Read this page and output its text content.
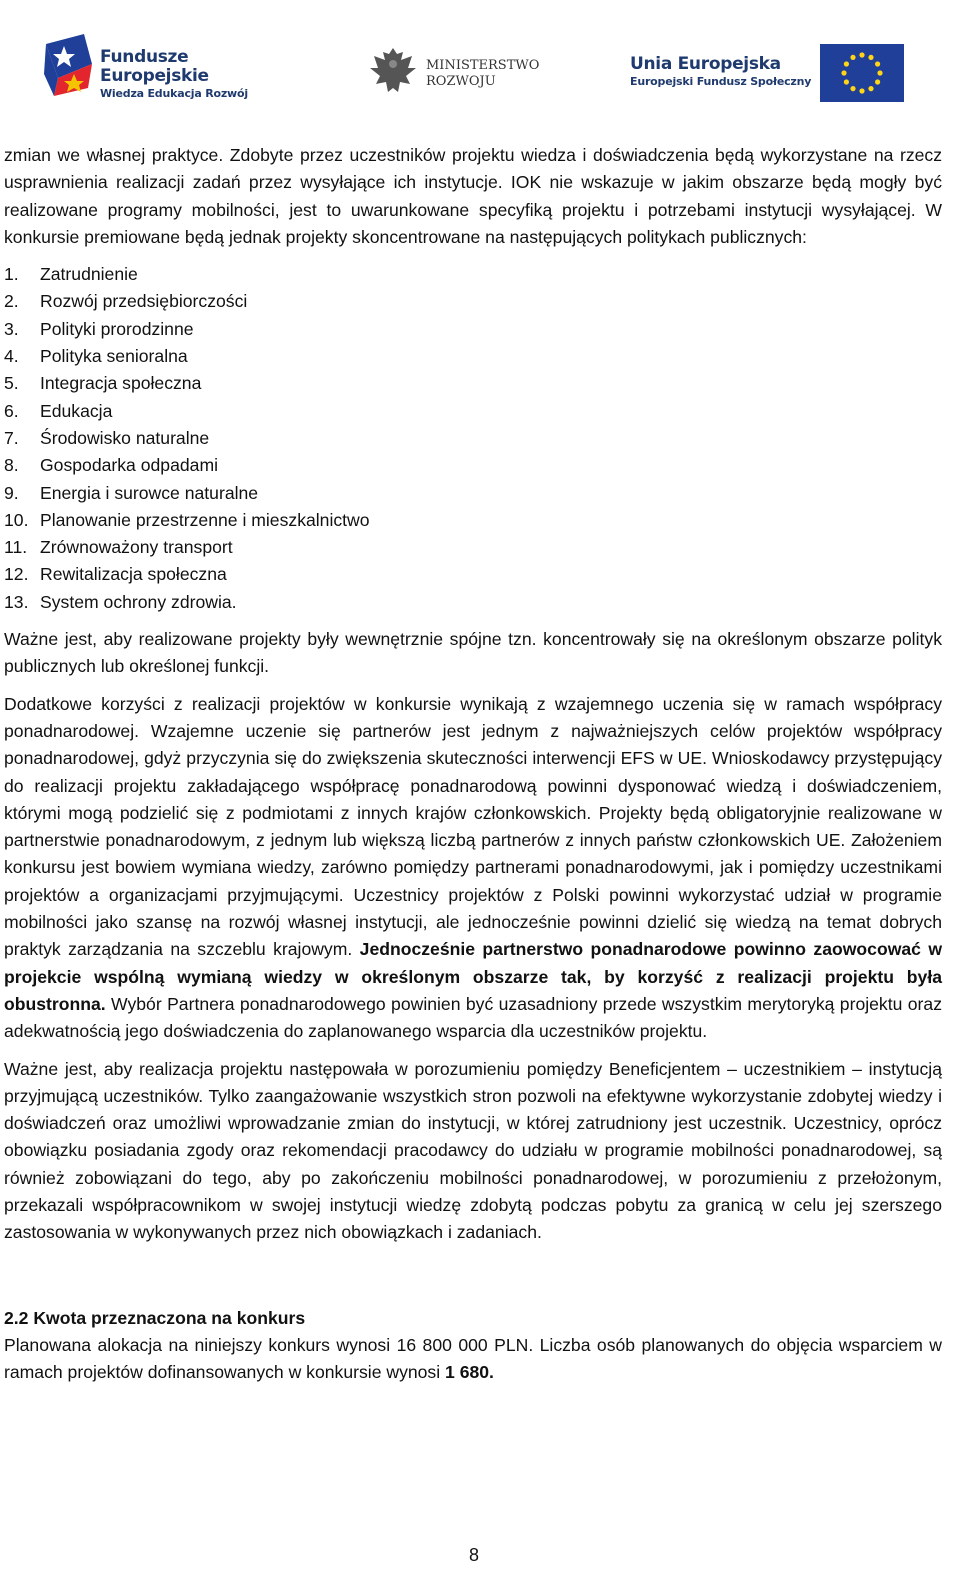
Fundusze
Europejskie
Wiedza Edukacja Rozwój
MINISTERSTWO
ROZWOJU
Unia Europejska
Europejski Fundusz Społeczny

zmian we własnej praktyce. Zdobyte przez uczestników projektu wiedza i doświadczenia będą wykorzystane na rzecz usprawnienia realizacji zadań przez wysyłające ich instytucje. IOK nie wskazuje w jakim obszarze będą mogły być realizowane programy mobilności, jest to uwarunkowane specyfiką projektu i potrzebami instytucji wysyłającej. W konkursie premiowane będą jednak projekty skoncentrowane na następujących politykach publicznych:

1. Zatrudnienie
2. Rozwój przedsiębiorczości
3. Polityki prorodzinne
4. Polityka senioralna
5. Integracja społeczna
6. Edukacja
7. Środowisko naturalne
8. Gospodarka odpadami
9. Energia i surowce naturalne
10. Planowanie przestrzenne i mieszkalnictwo
11. Zrównoważony transport
12. Rewitalizacja społeczna
13. System ochrony zdrowia.

Ważne jest, aby realizowane projekty były wewnętrznie spójne tzn. koncentrowały się na określonym obszarze polityk publicznych lub określonej funkcji.

Dodatkowe korzyści z realizacji projektów w konkursie wynikają z wzajemnego uczenia się w ramach współpracy ponadnarodowej. Wzajemne uczenie się partnerów jest jednym z najważniejszych celów projektów współpracy ponadnarodowej, gdyż przyczynia się do zwiększenia skuteczności interwencji EFS w UE. Wnioskodawcy przystępujący do realizacji projektu zakładającego współpracę ponadnarodową powinni dysponować wiedzą i doświadczeniem, którymi mogą podzielić się z podmiotami z innych krajów członkowskich. Projekty będą obligatoryjnie realizowane w partnerstwie ponadnarodowym, z jednym lub większą liczbą partnerów z innych państw członkowskich UE. Założeniem konkursu jest bowiem wymiana wiedzy, zarówno pomiędzy partnerami ponadnarodowymi, jak i pomiędzy uczestnikami projektów a organizacjami przyjmującymi. Uczestnicy projektów z Polski powinni wykorzystać udział w programie mobilności jako szansę na rozwój własnej instytucji, ale jednocześnie powinni dzielić się wiedzą na temat dobrych praktyk zarządzania na szczeblu krajowym. Jednocześnie partnerstwo ponadnarodowe powinno zaowocować w projekcie wspólną wymianą wiedzy w określonym obszarze tak, by korzyść z realizacji projektu była obustronna. Wybór Partnera ponadnarodowego powinien być uzasadniony przede wszystkim merytoryką projektu oraz adekwatnością jego doświadczenia do zaplanowanego wsparcia dla uczestników projektu.

Ważne jest, aby realizacja projektu następowała w porozumieniu pomiędzy Beneficjentem – uczestnikiem – instytucją przyjmującą uczestników. Tylko zaangażowanie wszystkich stron pozwoli na efektywne wykorzystanie zdobytej wiedzy i doświadczeń oraz umożliwi wprowadzanie zmian do instytucji, w której zatrudniony jest uczestnik. Uczestnicy, oprócz obowiązku posiadania zgody oraz rekomendacji pracodawcy do udziału w programie mobilności ponadnarodowej, są również zobowiązani do tego, aby po zakończeniu mobilności ponadnarodowej, w porozumieniu z przełożonym, przekazali współpracownikom w swojej instytucji wiedzę zdobytą podczas pobytu za granicą w celu jej szerszego zastosowania w wykonywanych przez nich obowiązkach i zadaniach.

2.2 Kwota przeznaczona na konkurs

Planowana alokacja na niniejszy konkurs wynosi 16 800 000 PLN. Liczba osób planowanych do objęcia wsparciem w ramach projektów dofinansowanych w konkursie wynosi 1 680.

8
